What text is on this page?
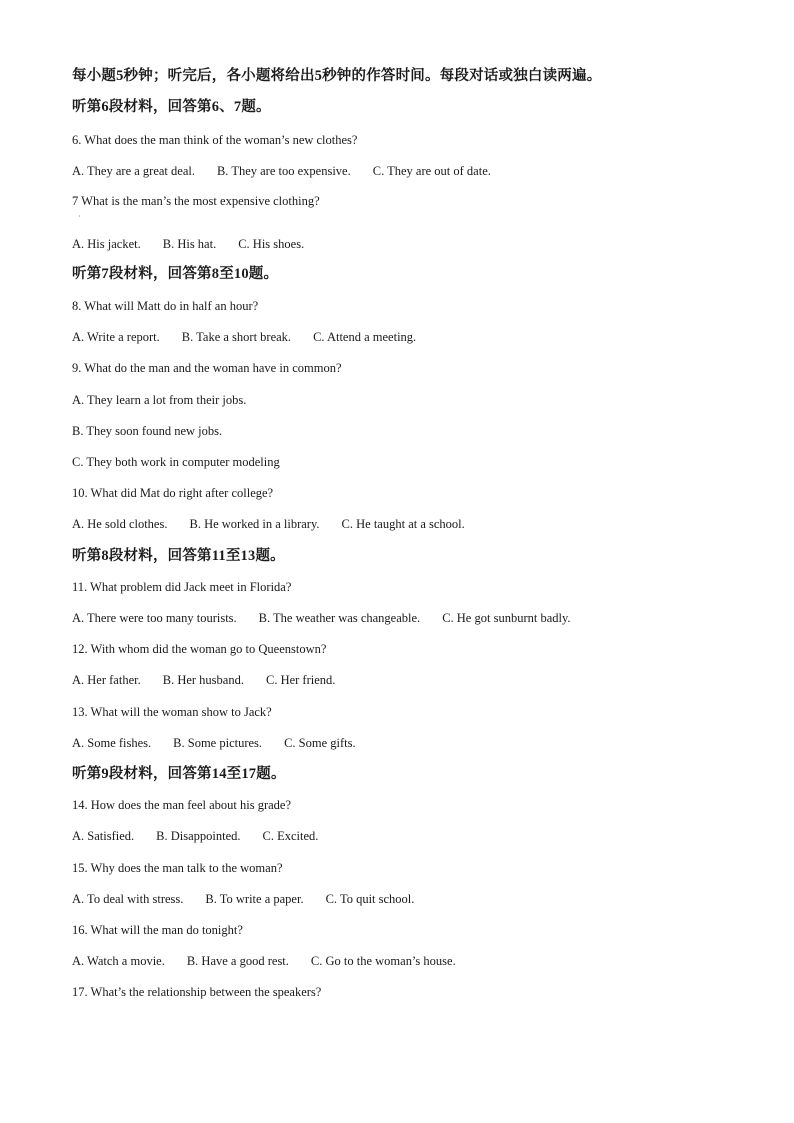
每小题5秒钟；听完后，各小题将给出5秒钟的作答时间。每段对话或独白读两遍。
听第6段材料，回答第6、7题。
6. What does the man think of the woman’s new clothes?
A. They are a great deal. B. They are too expensive. C. They are out of date.
7 What is the man’s the most expensive clothing?
A. His jacket. B. His hat. C. His shoes.
听第7段材料，回答第8至10题。
8. What will Matt do in half an hour?
A. Write a report. B. Take a short break. C. Attend a meeting.
9. What do the man and the woman have in common?
A. They learn a lot from their jobs.
B. They soon found new jobs.
C. They both work in computer modeling
10. What did Mat do right after college?
A. He sold clothes. B. He worked in a library. C. He taught at a school.
听第8段材料，回答第11至13题。
11. What problem did Jack meet in Florida?
A. There were too many tourists. B. The weather was changeable. C. He got sunburnt badly.
12. With whom did the woman go to Queenstown?
A. Her father. B. Her husband. C. Her friend.
13. What will the woman show to Jack?
A. Some fishes. B. Some pictures. C. Some gifts.
听第9段材料，回答第14至17题。
14. How does the man feel about his grade?
A. Satisfied. B. Disappointed. C. Excited.
15. Why does the man talk to the woman?
A. To deal with stress. B. To write a paper. C. To quit school.
16. What will the man do tonight?
A. Watch a movie. B. Have a good rest. C. Go to the woman’s house.
17. What’s the relationship between the speakers?
·
